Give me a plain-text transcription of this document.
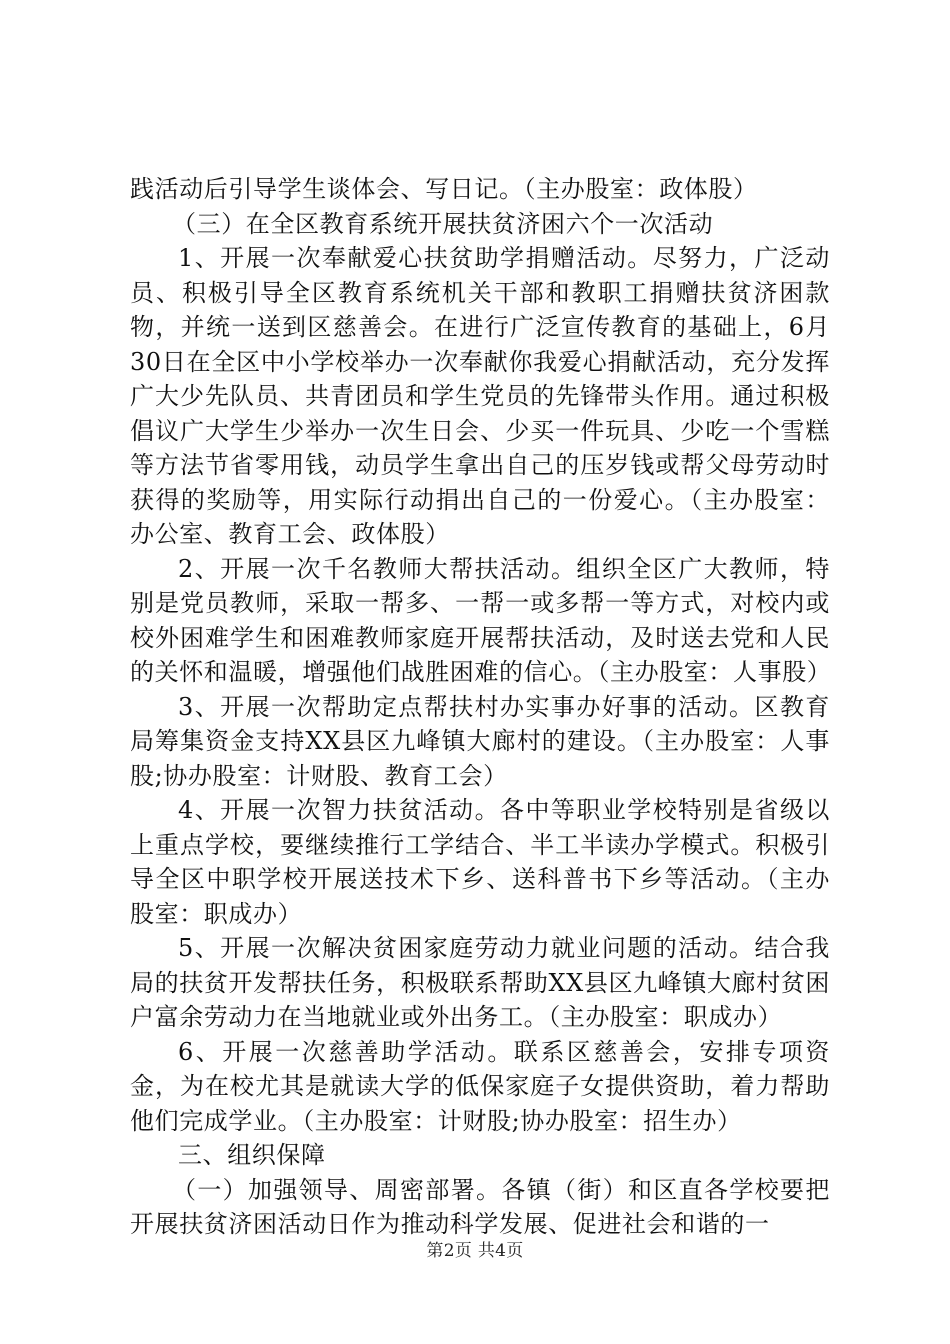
践活动后引导学生谈体会、写日记。（主办股室：政体股）

（三）在全区教育系统开展扶贫济困六个一次活动

1、开展一次奉献爱心扶贫助学捐赠活动。尽努力，广泛动员、积极引导全区教育系统机关干部和教职工捐赠扶贫济困款物，并统一送到区慈善会。在进行广泛宣传教育的基础上，6月30日在全区中小学校举办一次奉献你我爱心捐献活动，充分发挥广大少先队员、共青团员和学生党员的先锋带头作用。通过积极倡议广大学生少举办一次生日会、少买一件玩具、少吃一个雪糕等方法节省零用钱，动员学生拿出自己的压岁钱或帮父母劳动时获得的奖励等，用实际行动捐出自己的一份爱心。（主办股室：办公室、教育工会、政体股）

2、开展一次千名教师大帮扶活动。组织全区广大教师，特别是党员教师，采取一帮多、一帮一或多帮一等方式，对校内或校外困难学生和困难教师家庭开展帮扶活动，及时送去党和人民的关怀和温暖，增强他们战胜困难的信心。（主办股室：人事股）

3、开展一次帮助定点帮扶村办实事办好事的活动。区教育局筹集资金支持XX县区九峰镇大廊村的建设。（主办股室：人事股;协办股室：计财股、教育工会）

4、开展一次智力扶贫活动。各中等职业学校特别是省级以上重点学校，要继续推行工学结合、半工半读办学模式。积极引导全区中职学校开展送技术下乡、送科普书下乡等活动。（主办股室：职成办）

5、开展一次解决贫困家庭劳动力就业问题的活动。结合我局的扶贫开发帮扶任务，积极联系帮助XX县区九峰镇大廊村贫困户富余劳动力在当地就业或外出务工。（主办股室：职成办）

6、开展一次慈善助学活动。联系区慈善会，安排专项资金，为在校尤其是就读大学的低保家庭子女提供资助，着力帮助他们完成学业。（主办股室：计财股;协办股室：招生办）

三、组织保障

（一）加强领导、周密部署。各镇（街）和区直各学校要把开展扶贫济困活动日作为推动科学发展、促进社会和谐的一

第2页 共4页
